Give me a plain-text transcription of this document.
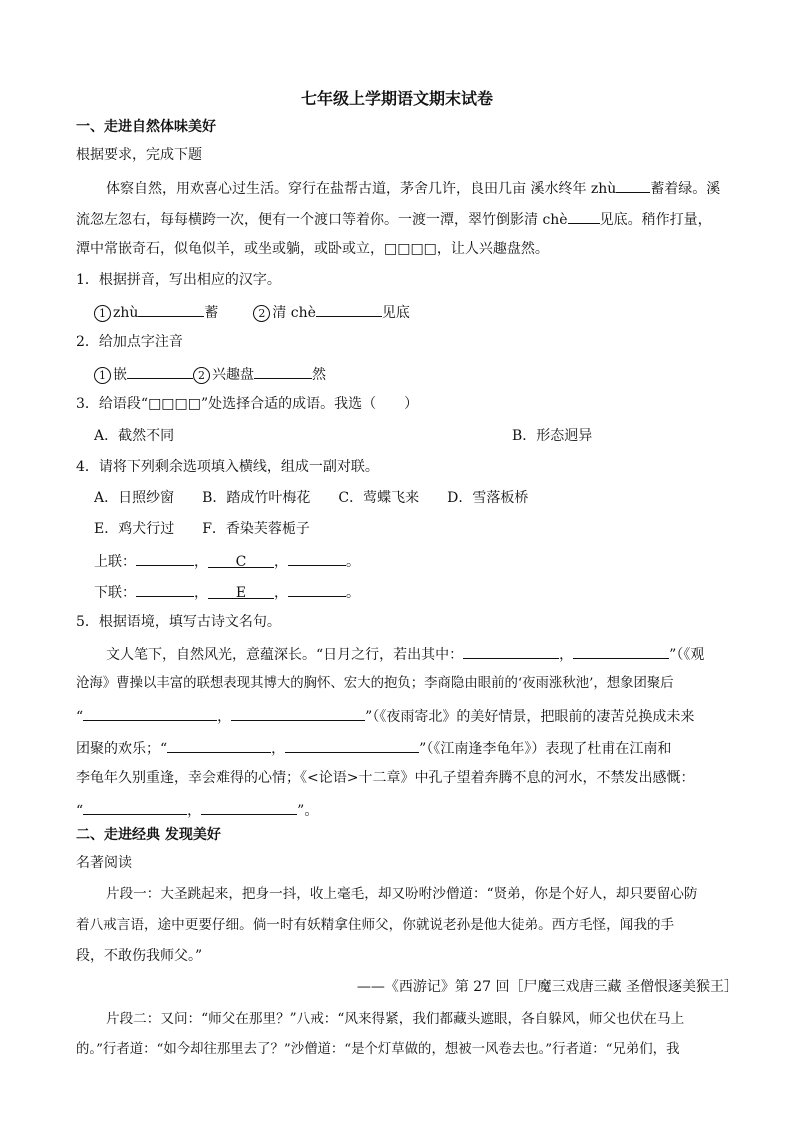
七年级上学期语文期末试卷
一、走进自然体味美好
根据要求，完成下题
体察自然，用欢喜心过生活。穿行在盐帮古道，茅舍几许，良田几亩 溪水终年 zhù 蓄着绿。溪
流忽左忽右，每每横跨一次，便有一个渡口等着你。一渡一潭，翠竹倒影清 chè 见底。稍作打量，
潭中常嵌奇石，似龟似羊，或坐或躺，或卧或立，□□□□，让人兴趣盘然。
1．根据拼音，写出相应的汉字。
1 zhù	蓄	2 清 chè	见底
2．给加点字注音
1 嵌	2 兴趣盘	然
3．给语段“□□□□”处选择合适的成语。我选（　　）
A．截然不同	B．形态迥异
4．请将下列剩余选项填入横线，组成一副对联。
A．日照纱窗　　B．踏成竹叶梅花　　C．莺蝶飞来　　D．雪落板桥
E．鸡犬行过　　F．香染芙蓉栀子
上联：	， C ，	。
下联：	， E ，	。
5．根据语境，填写古诗文名句。
文人笔下，自然风光，意蕴深长。“日月之行，若出其中：	，	”（《观
沧海》曹操以丰富的联想表现其博大的胸怀、宏大的抱负；李商隐由眼前的‘夜雨涨秋池’，想象团聚后
“	，	”（《夜雨寄北》的美好情景，把眼前的凄苦兑换成未来
团聚的欢乐；“	，	”（《江南逢李龟年》）表现了杜甫在江南和
李龟年久别重逢，幸会难得的心情；《<论语>十二章》中孔子望着奔腾不息的河水，不禁发出感慨：
“	，	”。
二、走进经典 发现美好
名著阅读
片段一：大圣跳起来，把身一抖，收上毫毛，却又吩咐沙僧道：“贤弟，你是个好人，却只要留心防
着八戒言语，途中更要仔细。倘一时有妖精拿住师父，你就说老孙是他大徒弟。西方毛怪，闻我的手
段，不敢伤我师父。”
——《西游记》第 27 回［尸魔三戏唐三藏 圣僧恨逐美猴王］
片段二：又问：“师父在那里？”八戒：“风来得紧，我们都藏头遮眼，各自躲风，师父也伏在马上
的。”行者道：“如今却往那里去了？”沙僧道：“是个灯草做的，想被一风卷去也。”行者道：“兄弟们，我
